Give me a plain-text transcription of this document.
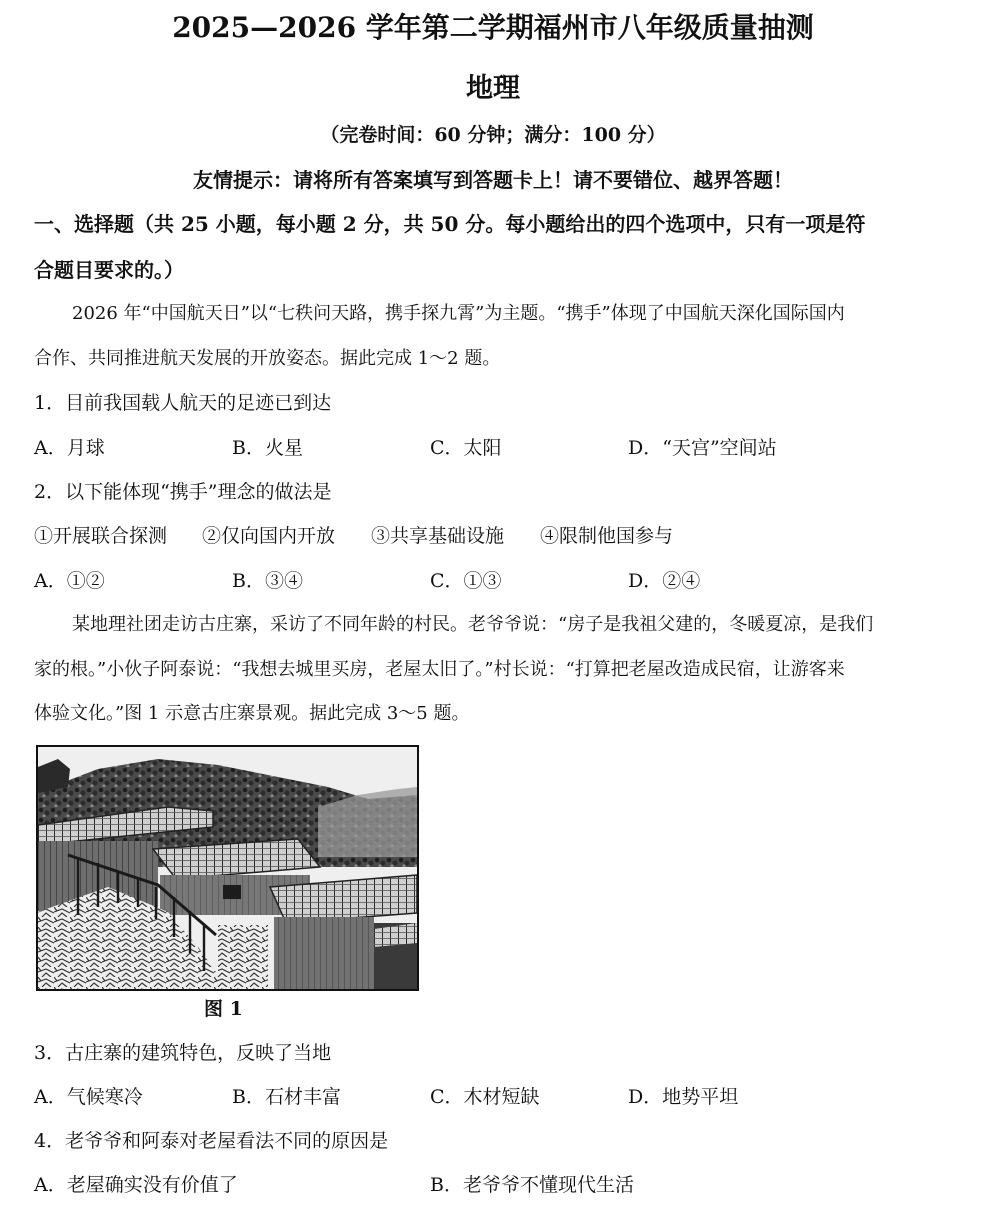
2025—2026 学年第二学期福州市八年级质量抽测
地理
（完卷时间：60 分钟；满分：100 分）
友情提示：请将所有答案填写到答题卡上！请不要错位、越界答题！
一、选择题（共 25 小题，每小题 2 分，共 50 分。每小题给出的四个选项中，只有一项是符
合题目要求的。）
2026 年“中国航天日”以“七秩问天路，携手探九霄”为主题。“携手”体现了中国航天深化国际国内
合作、共同推进航天发展的开放姿态。据此完成 1～2 题。
1．目前我国载人航天的足迹已到达
A．月球	B．火星	C．太阳	D．“天宫”空间站
2．以下能体现“携手”理念的做法是
①开展联合探测 ②仅向国内开放 ③共享基础设施 ④限制他国参与
A．①②	B．③④	C．①③	D．②④
某地理社团走访古庄寨，采访了不同年龄的村民。老爷爷说：“房子是我祖父建的，冬暖夏凉，是我们
家的根。”小伙子阿泰说：“我想去城里买房，老屋太旧了。”村长说：“打算把老屋改造成民宿，让游客来
体验文化。”图 1 示意古庄寨景观。据此完成 3～5 题。
图 1
3．古庄寨的建筑特色，反映了当地
A．气候寒冷	B．石材丰富	C．木材短缺	D．地势平坦
4．老爷爷和阿泰对老屋看法不同的原因是
A．老屋确实没有价值了	B．老爷爷不懂现代生活
